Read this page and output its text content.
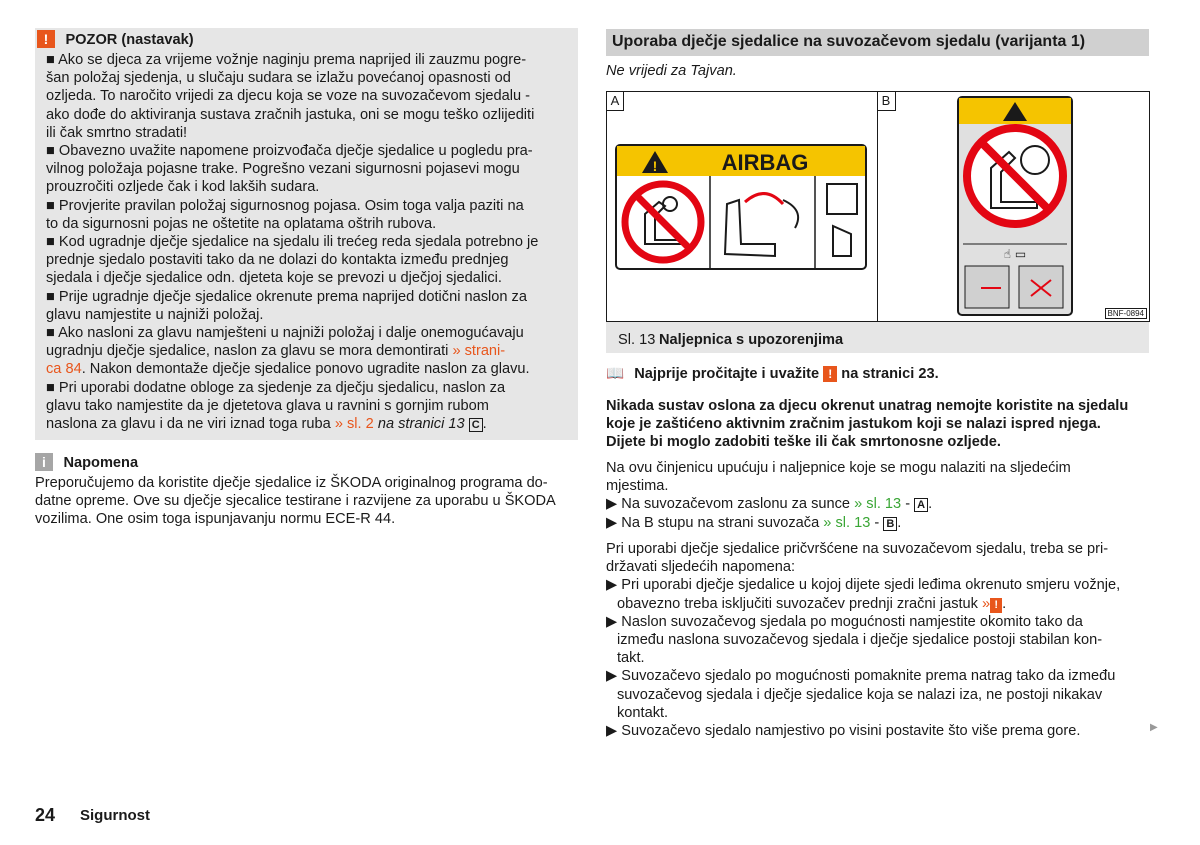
! POZOR (nastavak)
■ Ako se djeca za vrijeme vožnje naginju prema naprijed ili zauzmu pogre-
šan položaj sjedenja, u slučaju sudara se izlažu povećanoj opasnosti od
ozljeda. To naročito vrijedi za djecu koja se voze na suvozačevom sjedalu -
ako dođe do aktiviranja sustava zračnih jastuka, oni se mogu teško ozlijediti
ili čak smrtno stradati!
■ Obavezno uvažite napomene proizvođača dječje sjedalice u pogledu pra-
vilnog položaja pojasne trake. Pogrešno vezani sigurnosni pojasevi mogu
prouzročiti ozljede čak i kod lakših sudara.
■ Provjerite pravilan položaj sigurnosnog pojasa. Osim toga valja paziti na
to da sigurnosni pojas ne oštetite na oplatama oštrih rubova.
■ Kod ugradnje dječje sjedalice na sjedalu ili trećeg reda sjedala potrebno je
prednje sjedalo postaviti tako da ne dolazi do kontakta između prednjeg
sjedala i dječje sjedalice odn. djeteta koje se prevozi u dječjoj sjedalici.
■ Prije ugradnje dječje sjedalice okrenute prema naprijed dotični naslon za
glavu namjestite u najniži položaj.
■ Ako nasloni za glavu namješteni u najniži položaj i dalje onemogućavaju
ugradnju dječje sjedalice, naslon za glavu se mora demontirati » strani-
ca 84. Nakon demontaže dječje sjedalice ponovo ugradite naslon za glavu.
■ Pri uporabi dodatne obloge za sjedenje za dječju sjedalicu, naslon za
glavu tako namjestite da je djetetova glava u ravnini s gornjim rubom
naslona za glavu i da ne viri iznad toga ruba » sl. 2 na stranici 13 C .
i Napomena
Preporučujemo da koristite dječje sjedalice iz ŠKODA originalnog programa do-
datne opreme. Ove su dječje sjecalice testirane i razvijene za uporabu u ŠKODA
vozilima. One osim toga ispunjavanju normu ECE-R 44.
Uporaba dječje sjedalice na suvozačevom sjedalu (varijanta 1)
Ne vrijedi za Tajvan.
A
!	AIRBAG
B
☝ ▭
BNF-0894
Sl. 13 Naljepnica s upozorenjima
📖 Najprije pročitajte i uvažite ! na stranici 23.
Nikada sustav oslona za djecu okrenut unatrag nemojte koristite na sjedalu
koje je zaštićeno aktivnim zračnim jastukom koji se nalazi ispred njega.
Dijete bi moglo zadobiti teške ili čak smrtonosne ozljede.
Na ovu činjenicu upućuju i naljepnice koje se mogu nalaziti na sljedećim
mjestima.
▶ Na suvozačevom zaslonu za sunce » sl. 13 - A .
▶ Na B stupu na strani suvozača » sl. 13 - B .
Pri uporabi dječje sjedalice pričvršćene na suvozačevom sjedalu, treba se pri-
državati sljedećih napomena:
▶ Pri uporabi dječje sjedalice u kojoj dijete sjedi leđima okrenuto smjeru vožnje,
obavezno treba isključiti suvozačev prednji zračni jastuk » ! .
▶ Naslon suvozačevog sjedala po mogućnosti namjestite okomito tako da
između naslona suvozačevog sjedala i dječje sjedalice postoji stabilan kon-
takt.
▶ Suvozačevo sjedalo po mogućnosti pomaknite prema natrag tako da između
suvozačevog sjedala i dječje sjedalice koja se nalazi iza, ne postoji nikakav
kontakt.
▶ Suvozačevo sjedalo namjestivo po visini postavite što više prema gore.	▶
24 Sigurnost
